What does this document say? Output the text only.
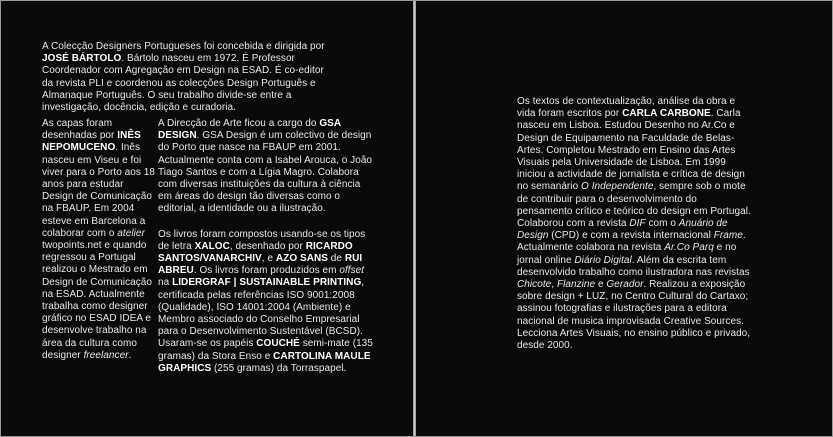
A Colecção Designers Portugueses foi concebida e dirigida por JOSÉ BÁRTOLO. Bártolo nasceu em 1972. É Professor Coordenador com Agregação em Design na ESAD. É co-editor da revista PLI e coordenou as colecções Design Português e Almanaque Português. O seu trabalho divide-se entre a investigação, docência, edição e curadoria.

As capas foram desenhadas por INÊS NEPOMUCENO. Inês nasceu em Viseu e foi viver para o Porto aos 18 anos para estudar Design de Comunicação na FBAUP. Em 2004 esteve em Barcelona a colaborar com o atelier twopoints.net e quando regressou a Portugal realizou o Mestrado em Design de Comunicação na ESAD. Actualmente trabalha como designer gráfico no ESAD IDEA e desenvolve trabalho na área da cultura como designer freelancer.

A Direcção de Arte ficou a cargo do GSA DESIGN. GSA Design é um colectivo de design do Porto que nasce na FBAUP em 2001. Actualmente conta com a Isabel Arouca, o João Tiago Santos e com a Lígia Magro. Colabora com diversas instituições da cultura à ciência em áreas do design tão diversas como o editorial, a identidade ou a ilustração.

Os livros foram compostos usando-se os tipos de letra XALOC, desenhado por RICARDO SANTOS/VANARCHIV, e AZO SANS de RUI ABREU. Os livros foram produzidos em offset na LIDERGRAF | SUSTAINABLE PRINTING, certificada pelas referências ISO 9001:2008 (Qualidade), ISO 14001:2004 (Ambiente) e Membro associado do Conselho Empresarial para o Desenvolvimento Sustentável (BCSD). Usaram-se os papéis COUCHÉ semi-mate (135 gramas) da Stora Enso e CARTOLINA MAULE GRAPHICS (255 gramas) da Torraspapel.

Os textos de contextualização, análise da obra e vida foram escritos por CARLA CARBONE. Carla nasceu em Lisboa. Estudou Desenho no Ar.Co e Design de Equipamento na Faculdade de Belas-Artes. Completou Mestrado em Ensino das Artes Visuais pela Universidade de Lisboa. Em 1999 iniciou a actividade de jornalista e crítica de design no semanário O Independente, sempre sob o mote de contribuir para o desenvolvimento do pensamento crítico e teórico do design em Portugal.
Colaborou com a revista DIF com o Anuário de Design (CPD) e com a revista internacional Frame. Actualmente colabora na revista Ar.Co Parq e no jornal online Diário Digital. Além da escrita tem desenvolvido trabalho como ilustradora nas revistas Chicote, Flanzine e Gerador. Realizou a exposição sobre design + LUZ, no Centro Cultural do Cartaxo; assinou fotografias e ilustrações para a editora nacional de musica improvisada Creative Sources. Lecciona Artes Visuais, no ensino público e privado, desde 2000.
